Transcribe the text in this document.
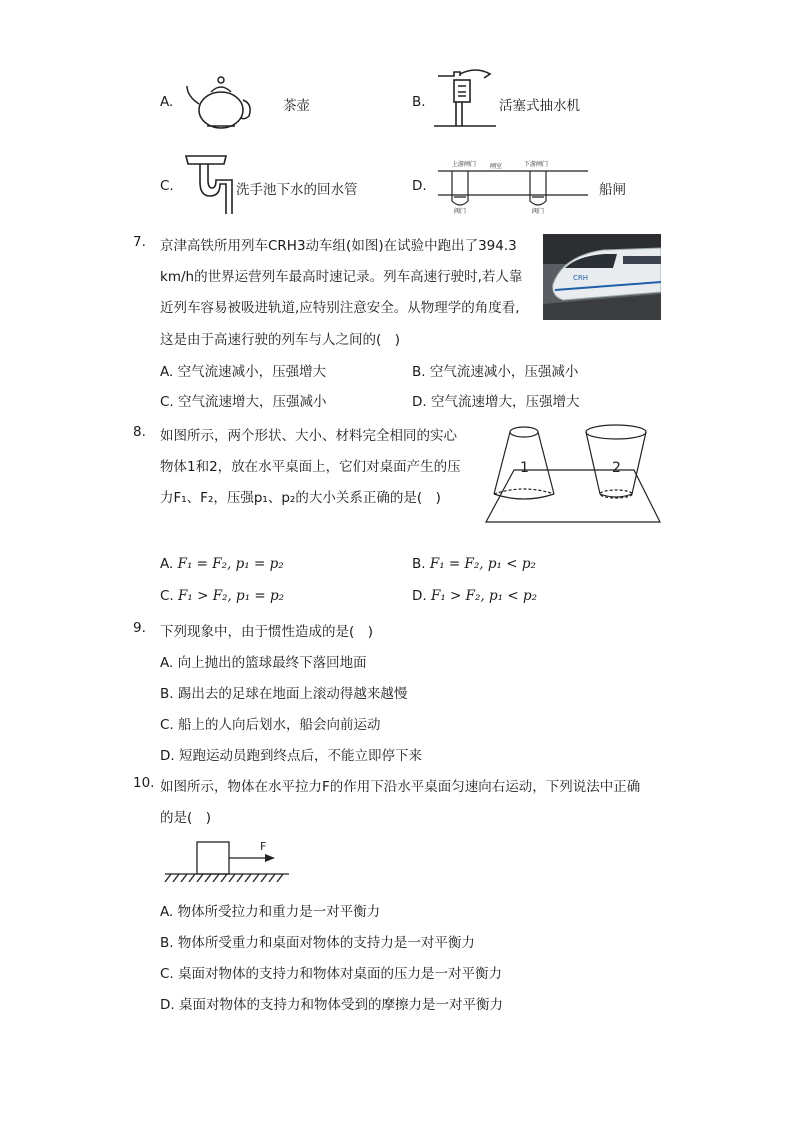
A.	茶壶	B.	活塞式抽水机
C.	洗手池下水的回水管	D.
上游闸门 闸室	下游闸门
阀门	阀门
船闸
7. 京津高铁所用列车CRH3动车组(如图)在试验中跑出了394.3
km/h的世界运营列车最高时速记录。列车高速行驶时,若人靠
近列车容易被吸进轨道,应特别注意安全。从物理学的角度看,
这是由于高速行驶的列车与人之间的(　)
CRH
A. 空气流速减小，压强增大	B. 空气流速减小，压强减小
C. 空气流速增大，压强减小	D. 空气流速增大，压强增大
8. 如图所示，两个形状、大小、材料完全相同的实心
物体1和2，放在水平桌面上，它们对桌面产生的压
力F₁、F₂，压强p₁、p₂的大小关系正确的是(　)
1	2
A. F₁ = F₂, p₁ = p₂	B. F₁ = F₂, p₁ < p₂
C. F₁ > F₂, p₁ = p₂	D. F₁ > F₂, p₁ < p₂
9. 下列现象中，由于惯性造成的是(　)
A. 向上抛出的篮球最终下落回地面
B. 踢出去的足球在地面上滚动得越来越慢
C. 船上的人向后划水，船会向前运动
D. 短跑运动员跑到终点后，不能立即停下来
10. 如图所示，物体在水平拉力F的作用下沿水平桌面匀速向右运动，下列说法中正确
的是(　)
F
A. 物体所受拉力和重力是一对平衡力
B. 物体所受重力和桌面对物体的支持力是一对平衡力
C. 桌面对物体的支持力和物体对桌面的压力是一对平衡力
D. 桌面对物体的支持力和物体受到的摩擦力是一对平衡力
